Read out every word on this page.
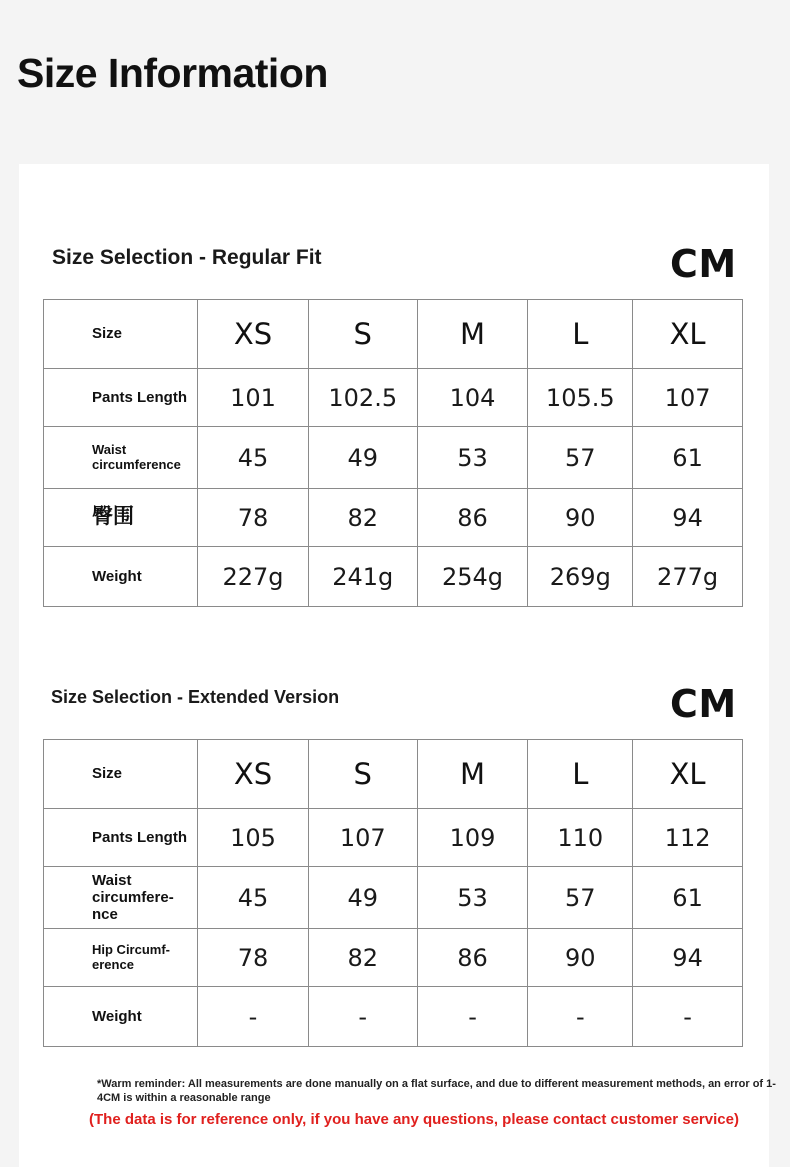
Size Information
Size Selection - Regular Fit	CM
Size	XS	S	M	L	XL
Pants Length	101	102.5	104	105.5	107
Waist circumference	45	49	53	57	61
臀围	78	82	86	90	94
Weight	227g	241g	254g	269g	277g
Size Selection - Extended Version	CM
Size	XS	S	M	L	XL
Pants Length	105	107	109	110	112
Waist circumfere-nce	45	49	53	57	61
Hip Circumf-erence	78	82	86	90	94
Weight	-	-	-	-	-
*Warm reminder: All measurements are done manually on a flat surface, and due to different measurement methods, an error of 1-4CM is within a reasonable range
(The data is for reference only, if you have any questions, please contact customer service)
